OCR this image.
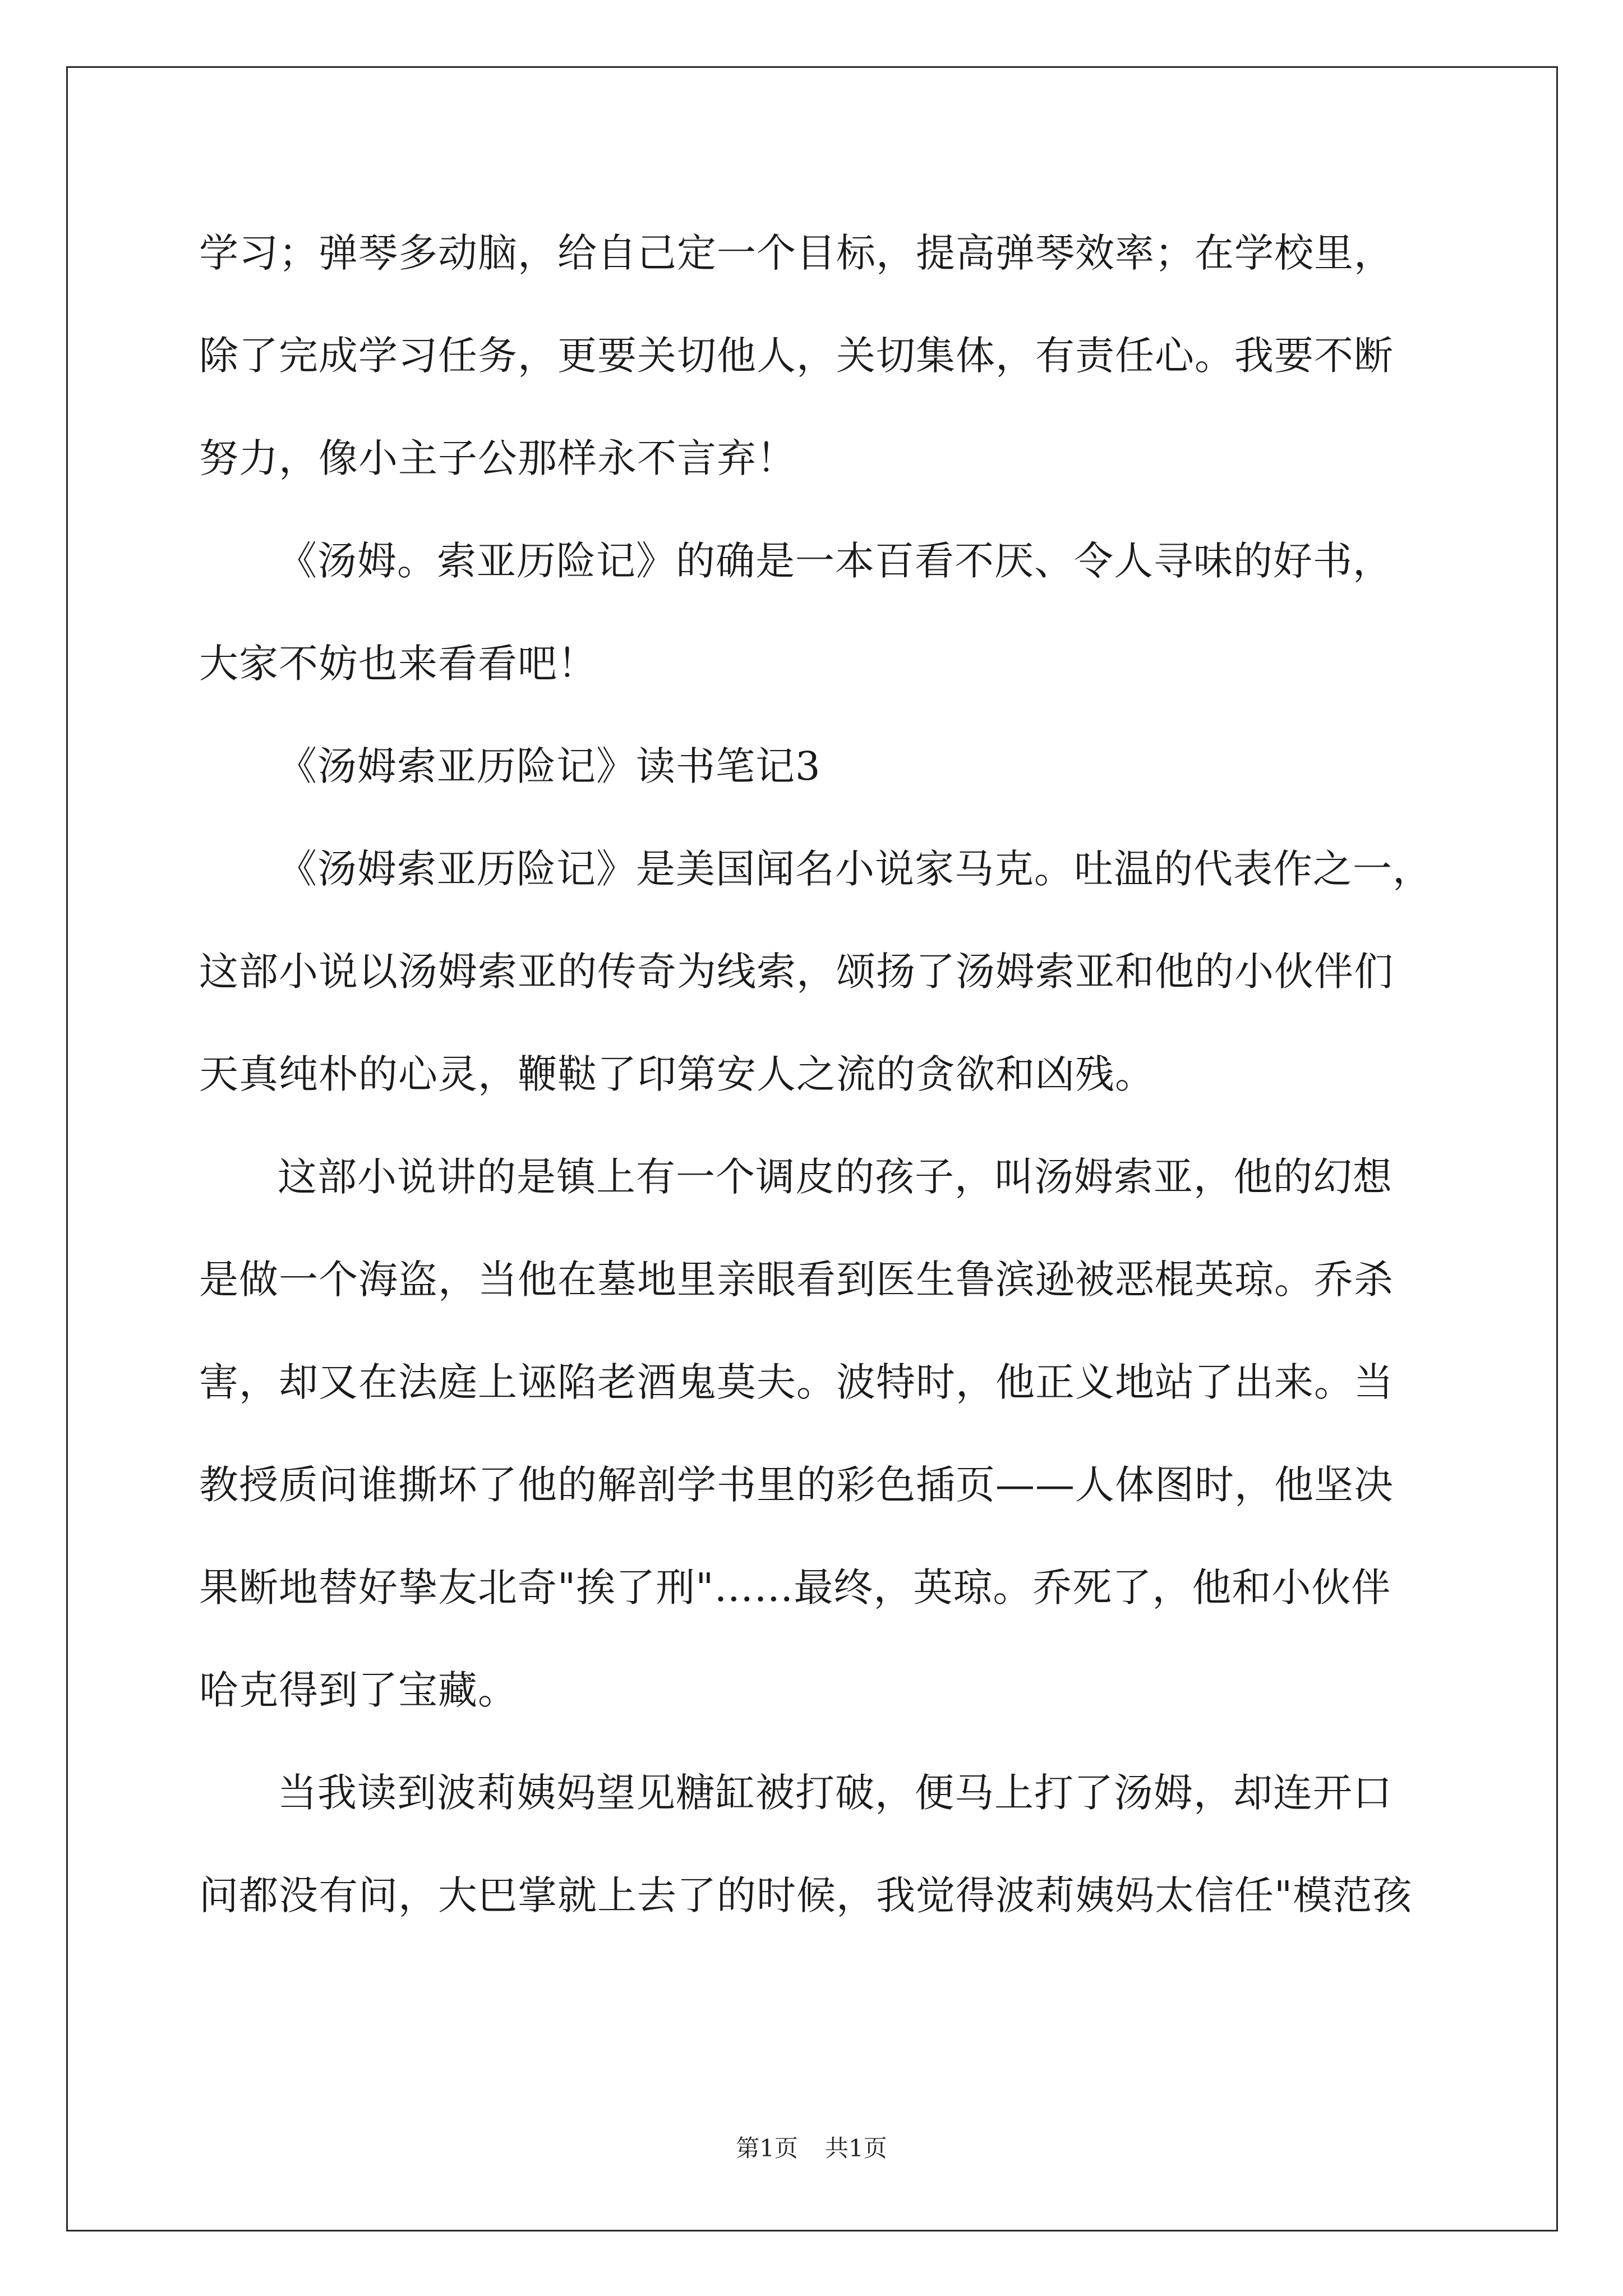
学习；弹琴多动脑，给自己定一个目标，提高弹琴效率；在学校里，
除了完成学习任务，更要关切他人，关切集体，有责任心。我要不断
努力，像小主子公那样永不言弃！
《汤姆。索亚历险记》的确是一本百看不厌、令人寻味的好书，
大家不妨也来看看吧！
《汤姆索亚历险记》读书笔记3
《汤姆索亚历险记》是美国闻名小说家马克。吐温的代表作之一，
这部小说以汤姆索亚的传奇为线索，颂扬了汤姆索亚和他的小伙伴们
天真纯朴的心灵，鞭鞑了印第安人之流的贪欲和凶残。
这部小说讲的是镇上有一个调皮的孩子，叫汤姆索亚，他的幻想
是做一个海盗，当他在墓地里亲眼看到医生鲁滨逊被恶棍英琼。乔杀
害，却又在法庭上诬陷老酒鬼莫夫。波特时，他正义地站了出来。当
教授质问谁撕坏了他的解剖学书里的彩色插页——人体图时，他坚决
果断地替好挚友北奇"挨了刑"……最终，英琼。乔死了，他和小伙伴
哈克得到了宝藏。
当我读到波莉姨妈望见糖缸被打破，便马上打了汤姆，却连开口
问都没有问，大巴掌就上去了的时候，我觉得波莉姨妈太信任"模范孩
第1页 共1页
